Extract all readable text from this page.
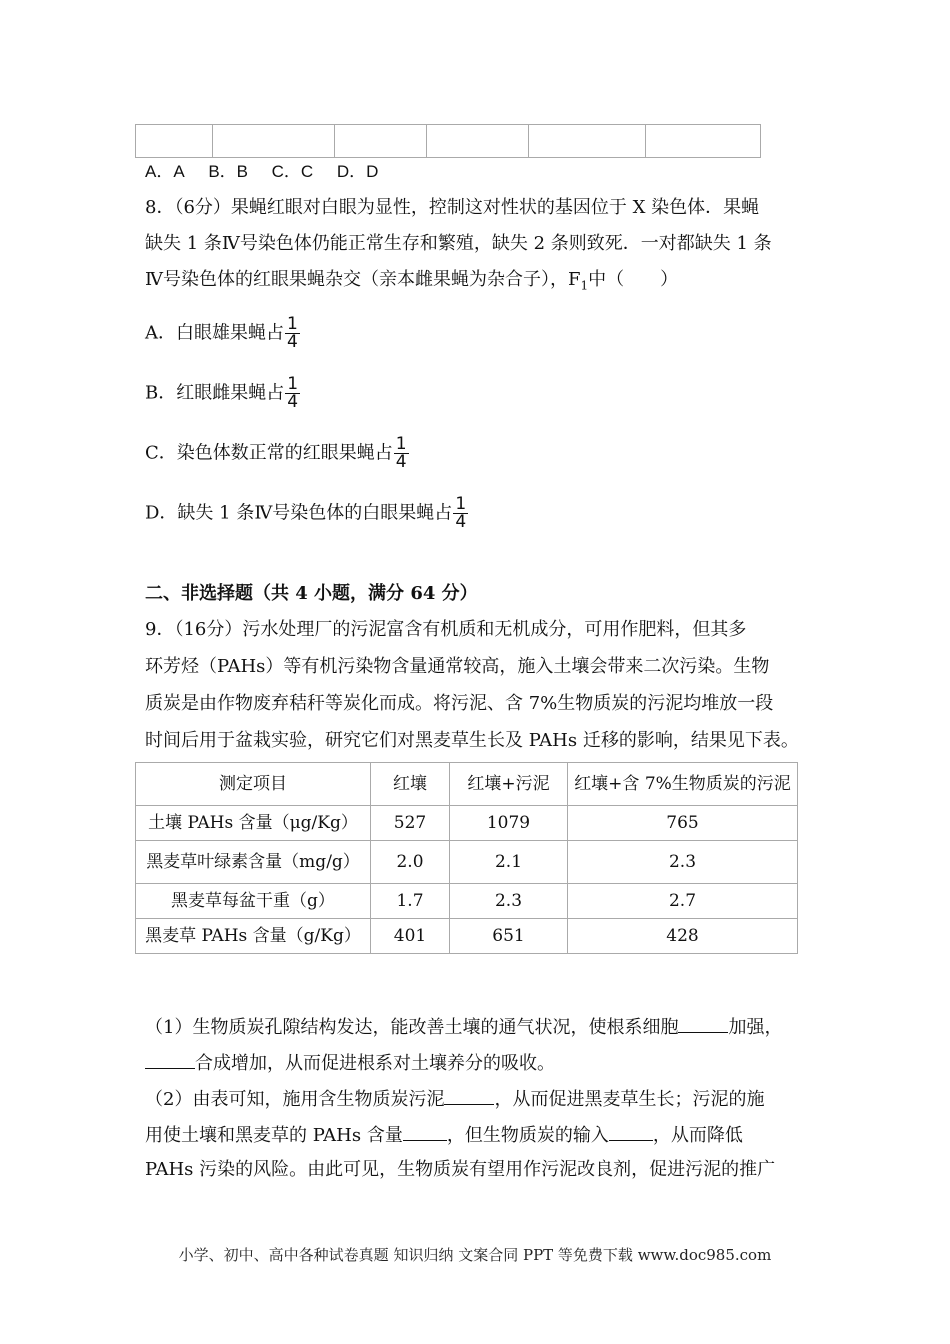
A．A B．B C．C D．D
8．（6分）果蝇红眼对白眼为显性，控制这对性状的基因位于 X 染色体．果蝇
缺失 1 条Ⅳ号染色体仍能正常生存和繁殖，缺失 2 条则致死．一对都缺失 1 条
Ⅳ号染色体的红眼果蝇杂交（亲本雌果蝇为杂合子），$F_1$中（　　）
A．白眼雄果蝇占 $\frac{1}{4}$
B．红眼雌果蝇占 $\frac{1}{4}$
C．染色体数正常的红眼果蝇占 $\frac{1}{4}$
D．缺失 1 条Ⅳ号染色体的白眼果蝇占 $\frac{1}{4}$
二、非选择题（共 4 小题，满分 64 分）
9．（16分）污水处理厂的污泥富含有机质和无机成分，可用作肥料，但其多
环芳烃（PAHs）等有机污染物含量通常较高，施入土壤会带来二次污染。生物
质炭是由作物废弃秸秆等炭化而成。将污泥、含 7%生物质炭的污泥均堆放一段
时间后用于盆栽实验，研究它们对黑麦草生长及 PAHs 迁移的影响，结果见下表。
测定项目	红壤	红壤+污泥	红壤+含 7%生物质炭的污泥
土壤 PAHs 含量（μg/Kg）	527	1079	765
黑麦草叶绿素含量（mg/g）	2.0	2.1	2.3
黑麦草每盆干重（g）	1.7	2.3	2.7
黑麦草 PAHs 含量（g/Kg）	401	651	428
（1）生物质炭孔隙结构发达，能改善土壤的通气状况，使根系细胞	加强，
合成增加，从而促进根系对土壤养分的吸收。
（2）由表可知，施用含生物质炭污泥	，从而促进黑麦草生长；污泥的施
用使土壤和黑麦草的 PAHs 含量 ，但生物质炭的输入 ，从而降低
PAHs 污染的风险。由此可见，生物质炭有望用作污泥改良剂，促进污泥的推广
小学、初中、高中各种试卷真题 知识归纳 文案合同 PPT 等免费下载 www.doc985.com
